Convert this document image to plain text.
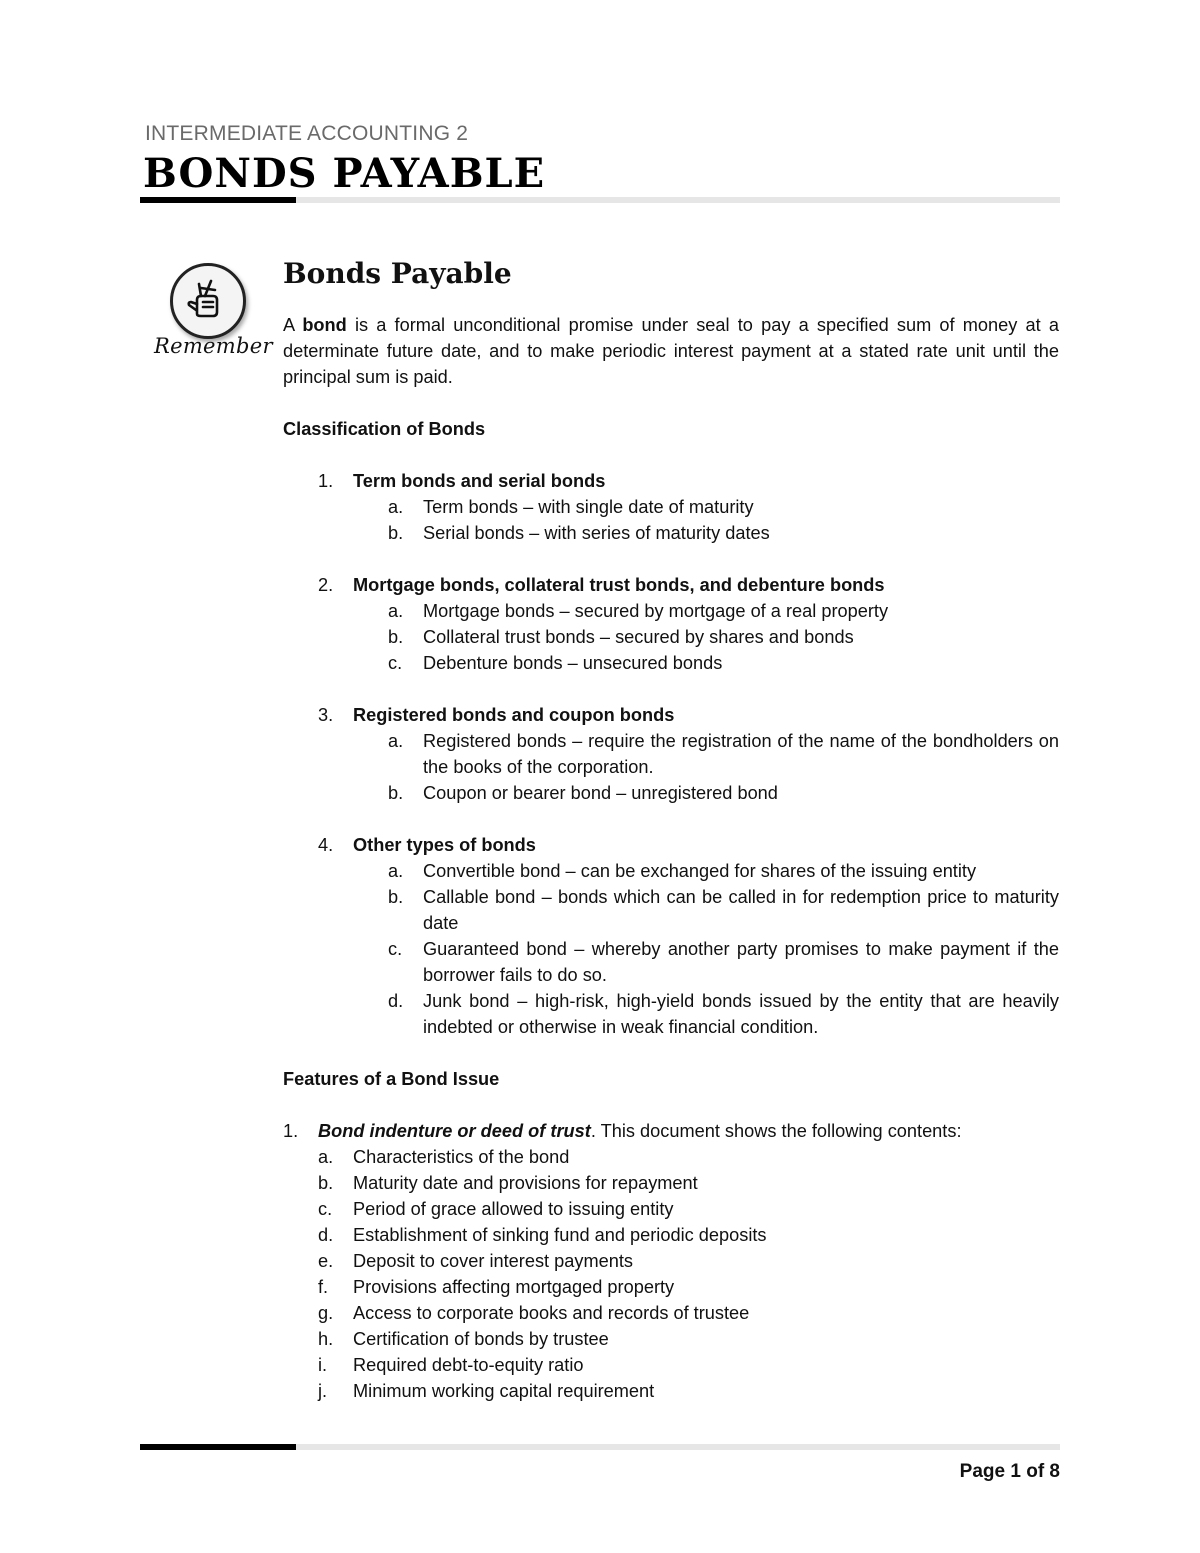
INTERMEDIATE ACCOUNTING 2
BONDS PAYABLE
Remember
Bonds Payable

A bond is a formal unconditional promise under seal to pay a specified sum of money at a determinate future date, and to make periodic interest payment at a stated rate unit until the principal sum is paid.

Classification of Bonds

1. Term bonds and serial bonds
a. Term bonds – with single date of maturity
b. Serial bonds – with series of maturity dates
2. Mortgage bonds, collateral trust bonds, and debenture bonds
a. Mortgage bonds – secured by mortgage of a real property
b. Collateral trust bonds – secured by shares and bonds
c. Debenture bonds – unsecured bonds
3. Registered bonds and coupon bonds
a. Registered bonds – require the registration of the name of the bondholders on the books of the corporation.
b. Coupon or bearer bond – unregistered bond
4. Other types of bonds
a. Convertible bond – can be exchanged for shares of the issuing entity
b. Callable bond – bonds which can be called in for redemption price to maturity date
c. Guaranteed bond – whereby another party promises to make payment if the borrower fails to do so.
d. Junk bond – high-risk, high-yield bonds issued by the entity that are heavily indebted or otherwise in weak financial condition.

Features of a Bond Issue

1. Bond indenture or deed of trust. This document shows the following contents:
a. Characteristics of the bond
b. Maturity date and provisions for repayment
c. Period of grace allowed to issuing entity
d. Establishment of sinking fund and periodic deposits
e. Deposit to cover interest payments
f. Provisions affecting mortgaged property
g. Access to corporate books and records of trustee
h. Certification of bonds by trustee
i. Required debt-to-equity ratio
j. Minimum working capital requirement
Page 1 of 8
